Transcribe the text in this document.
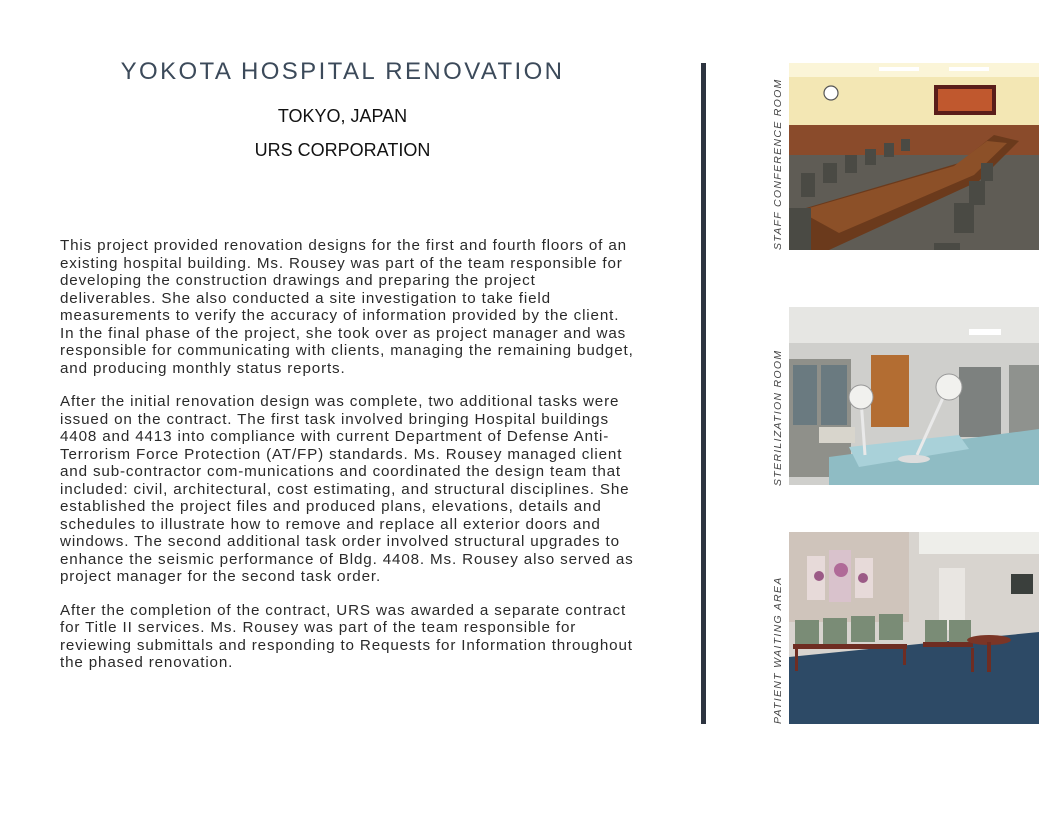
YOKOTA HOSPITAL RENOVATION
TOKYO, JAPAN
URS CORPORATION

This project provided renovation designs for the first and fourth floors of an existing hospital building. Ms. Rousey was part of the team responsible for developing the construction drawings and preparing the project deliverables. She also conducted a site investigation to take field measurements to verify the accuracy of information provided by the client. In the final phase of the project, she took over as project manager and was responsible for communicating with clients, managing the remaining budget, and producing monthly status reports.

After the initial renovation design was complete, two additional tasks were issued on the contract. The first task involved bringing Hospital buildings 4408 and 4413 into compliance with current Department of Defense Anti-Terrorism Force Protection (AT/FP) standards. Ms. Rousey managed client and sub-contractor com-munications and coordinated the design team that included: civil, architectural, cost estimating, and structural disciplines. She established the project files and produced plans, elevations, details and schedules to illustrate how to remove and replace all exterior doors and windows. The second additional task order involved structural upgrades to enhance the seismic performance of Bldg. 4408. Ms. Rousey also served as project manager for the second task order.

After the completion of the contract, URS was awarded a separate contract for Title II services. Ms. Rousey was part of the team responsible for reviewing submittals and responding to Requests for Information throughout the phased renovation.

STAFF CONFERENCE ROOM
STERILIZATION ROOM
PATIENT WAITING AREA
